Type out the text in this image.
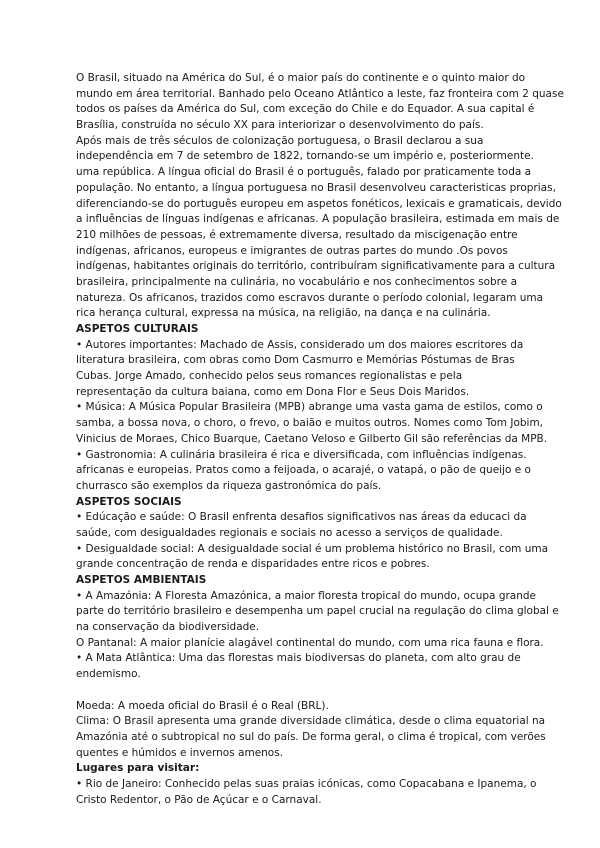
O Brasil, situado na América do Sul, é o maior país do continente e o quinto maior do
mundo em área territorial. Banhado pelo Oceano Atlântico a leste, faz fronteira com 2 quase
todos os países da América do Sul, com exceção do Chile e do Equador. A sua capital é
Brasília, construída no século XX para interiorizar o desenvolvimento do país.
Após mais de três séculos de colonização portuguesa, o Brasil declarou a sua
independência em 7 de setembro de 1822, tornando-se um império e, posteriormente.
uma república. A língua oficial do Brasil é o português, falado por praticamente toda a
população. No entanto, a língua portuguesa no Brasil desenvolveu caracteristicas proprias,
diferenciando-se do português europeu em aspetos fonéticos, lexicais e gramaticais, devido
a influências de línguas indígenas e africanas. A população brasileira, estimada em mais de
210 milhões de pessoas, é extremamente diversa, resultado da miscigenação entre
indígenas, africanos, europeus e imigrantes de outras partes do mundo .Os povos
indígenas, habitantes originais do território, contribuíram significativamente para a cultura
brasileira, principalmente na culinária, no vocabulário e nos conhecimentos sobre a
natureza. Os africanos, trazidos como escravos durante o período colonial, legaram uma
rica herança cultural, expressa na música, na religião, na dança e na culinária.
ASPETOS CULTURAIS
• Autores importantes: Machado de Assis, considerado um dos maiores escritores da
literatura brasileira, com obras como Dom Casmurro e Memórias Póstumas de Bras
Cubas. Jorge Amado, conhecido pelos seus romances regionalistas e pela
representação da cultura baiana, como em Dona Flor e Seus Dois Maridos.
• Música: A Música Popular Brasileira (MPB) abrange uma vasta gama de estilos, como o
samba, a bossa nova, o choro, o frevo, o baião e muitos outros. Nomes como Tom Jobim,
Vinicius de Moraes, Chico Buarque, Caetano Veloso e Gilberto Gil são referências da MPB.
• Gastronomia: A culinária brasileira é rica e diversificada, com influências indígenas.
africanas e europeias. Pratos como a feijoada, o acarajé, o vatapá, o pão de queijo e o
churrasco são exemplos da riqueza gastronómica do país.
ASPETOS SOCIAIS
• Edúcação e saúde: O Brasil enfrenta desafios significativos nas áreas da educaci da
saúde, com desigualdades regionais e sociais no acesso a serviços de qualidade.
• Desigualdade social: A desigualdade social é um problema histórico no Brasil, com uma
grande concentração de renda e disparidades entre ricos e pobres.
ASPETOS AMBIENTAIS
• A Amazónia: A Floresta Amazónica, a maior floresta tropical do mundo, ocupa grande
parte do território brasileiro e desempenha um papel crucial na regulação do clima global e
na conservação da biodiversidade.
O Pantanal: A maior planície alagável continental do mundo, com uma rica fauna e flora.
• A Mata Atlântica: Uma das florestas mais biodiversas do planeta, com alto grau de
endemismo.
Moeda: A moeda oficial do Brasil é o Real (BRL).
Clima: O Brasil apresenta uma grande diversidade climática, desde o clima equatorial na
Amazónia até o subtropical no sul do país. De forma geral, o clima é tropical, com verões
quentes e húmidos e invernos amenos.
Lugares para visitar:
• Rio de Janeiro: Conhecido pelas suas praias icónicas, como Copacabana e Ipanema, o
Cristo Redentor, o Pão de Açúcar e o Carnaval.
